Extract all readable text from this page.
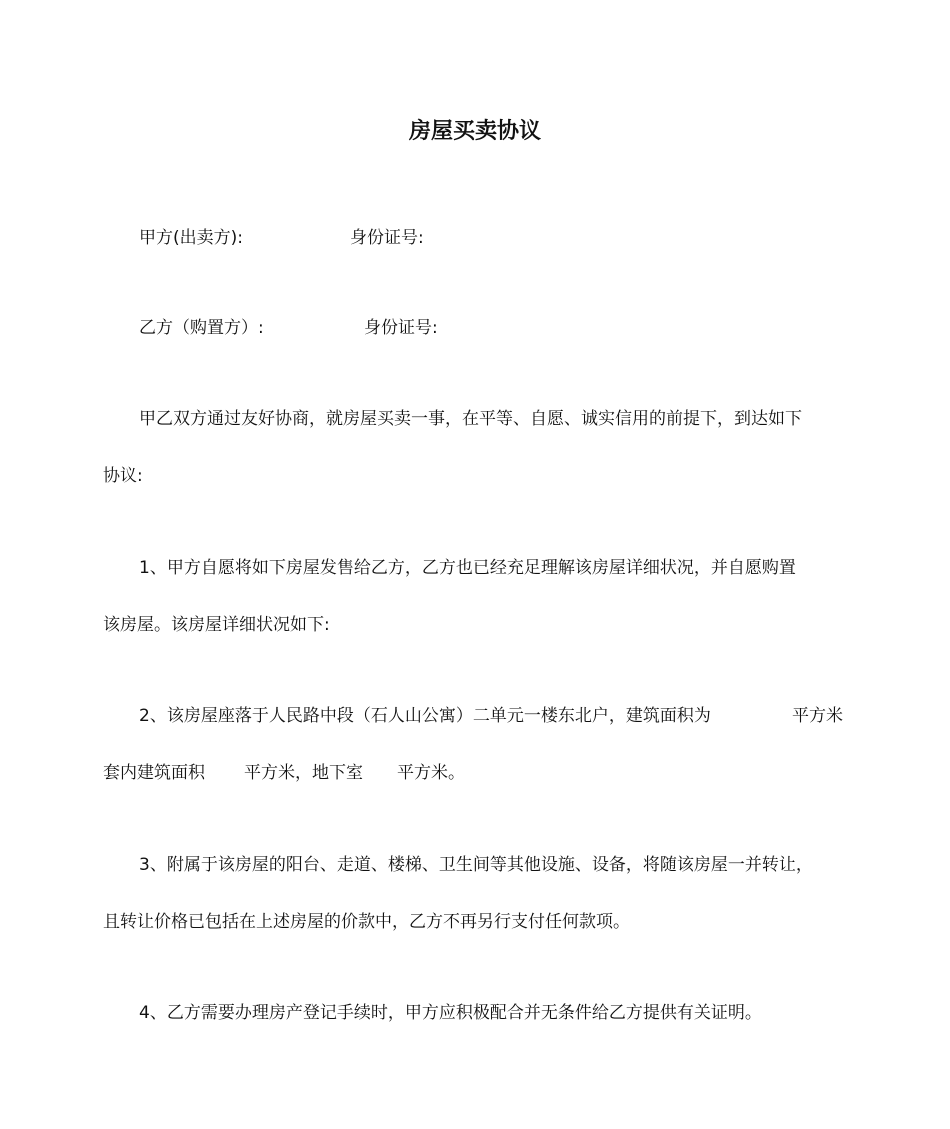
房屋买卖协议
甲方(出卖方):	身份证号:
乙方（购置方）:	身份证号:
甲乙双方通过友好协商，就房屋买卖一事，在平等、自愿、诚实信用的前提下，到达如下
协议:
1、甲方自愿将如下房屋发售给乙方，乙方也已经充足理解该房屋详细状况，并自愿购置
该房屋。该房屋详细状况如下:
2、该房屋座落于人民路中段（石人山公寓）二单元一楼东北户，建筑面积为	平方米
套内建筑面积 平方米，地下室 平方米。
3、附属于该房屋的阳台、走道、楼梯、卫生间等其他设施、设备，将随该房屋一并转让，
且转让价格已包括在上述房屋的价款中，乙方不再另行支付任何款项。
4、乙方需要办理房产登记手续时，甲方应积极配合并无条件给乙方提供有关证明。
